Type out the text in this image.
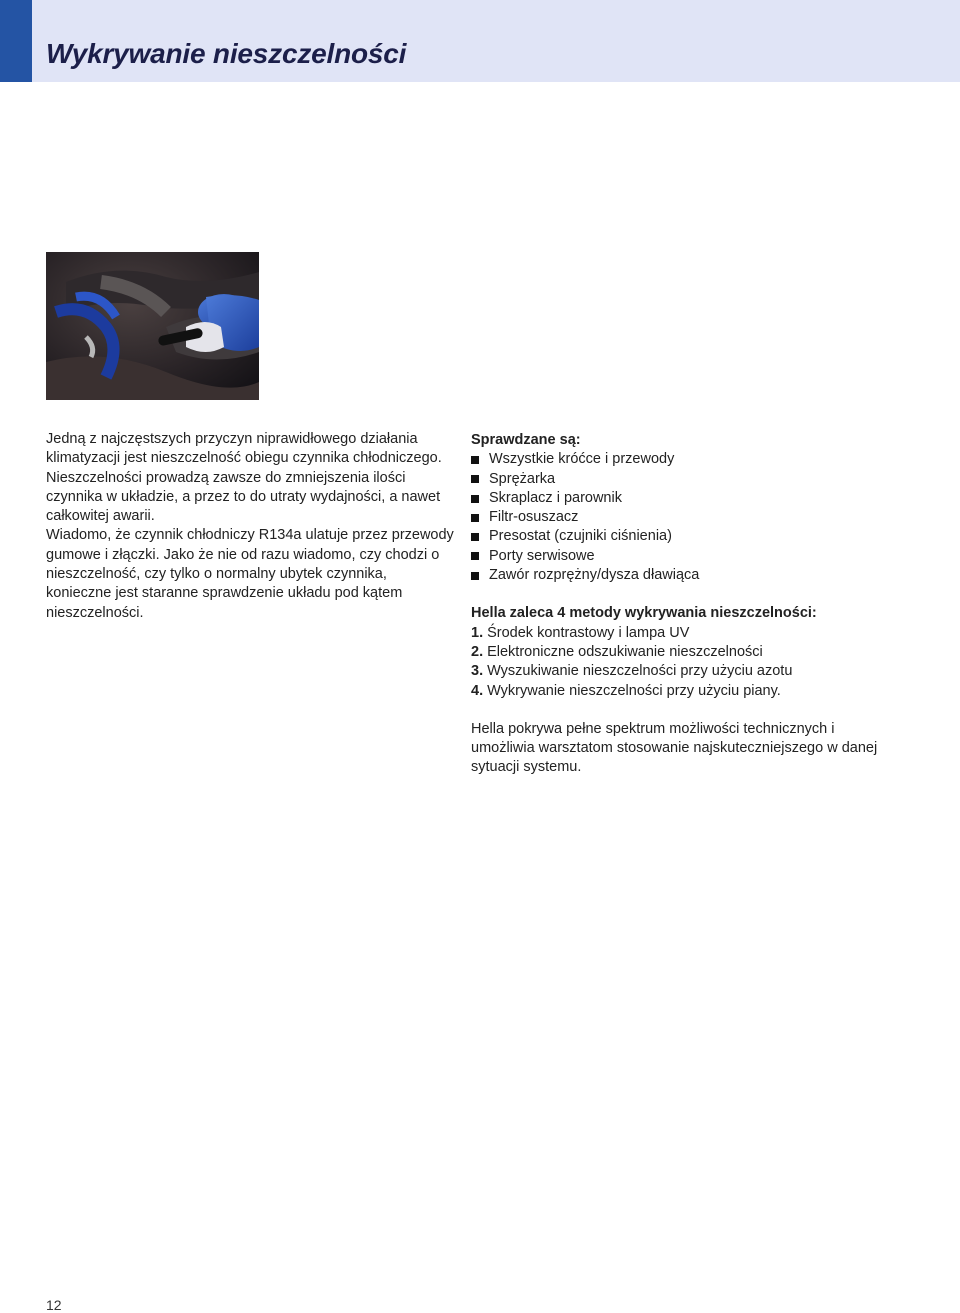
Wykrywanie nieszczelności

Jedną z najczęstszych przyczyn niprawidłowego działania klimatyzacji jest nieszczelność obiegu czynnika chłodniczego. Nieszczelności prowadzą zawsze do zmniejszenia ilości czynnika w układzie, a przez to do utraty wydajności, a nawet całkowitej awarii.

Wiadomo, że czynnik chłodniczy R134a ulatuje przez przewody gumowe i złączki. Jako że nie od razu wiadomo, czy chodzi o nieszczelność, czy tylko o normalny ubytek czynnika, konieczne jest staranne sprawdzenie układu pod kątem nieszczelności.

Sprawdzane są:

Wszystkie króćce i przewody
Sprężarka
Skraplacz i parownik
Filtr-osuszacz
Presostat (czujniki ciśnienia)
Porty serwisowe
Zawór rozprężny/dysza dławiąca

Hella zaleca 4 metody wykrywania nieszczelności:

1. Środek kontrastowy i lampa UV
2. Elektroniczne odszukiwanie nieszczelności
3. Wyszukiwanie nieszczelności przy użyciu azotu
4. Wykrywanie nieszczelności przy użyciu piany.

Hella pokrywa pełne spektrum możliwości technicznych i umożliwia warsztatom stosowanie najskuteczniejszego w danej sytuacji systemu.

12
